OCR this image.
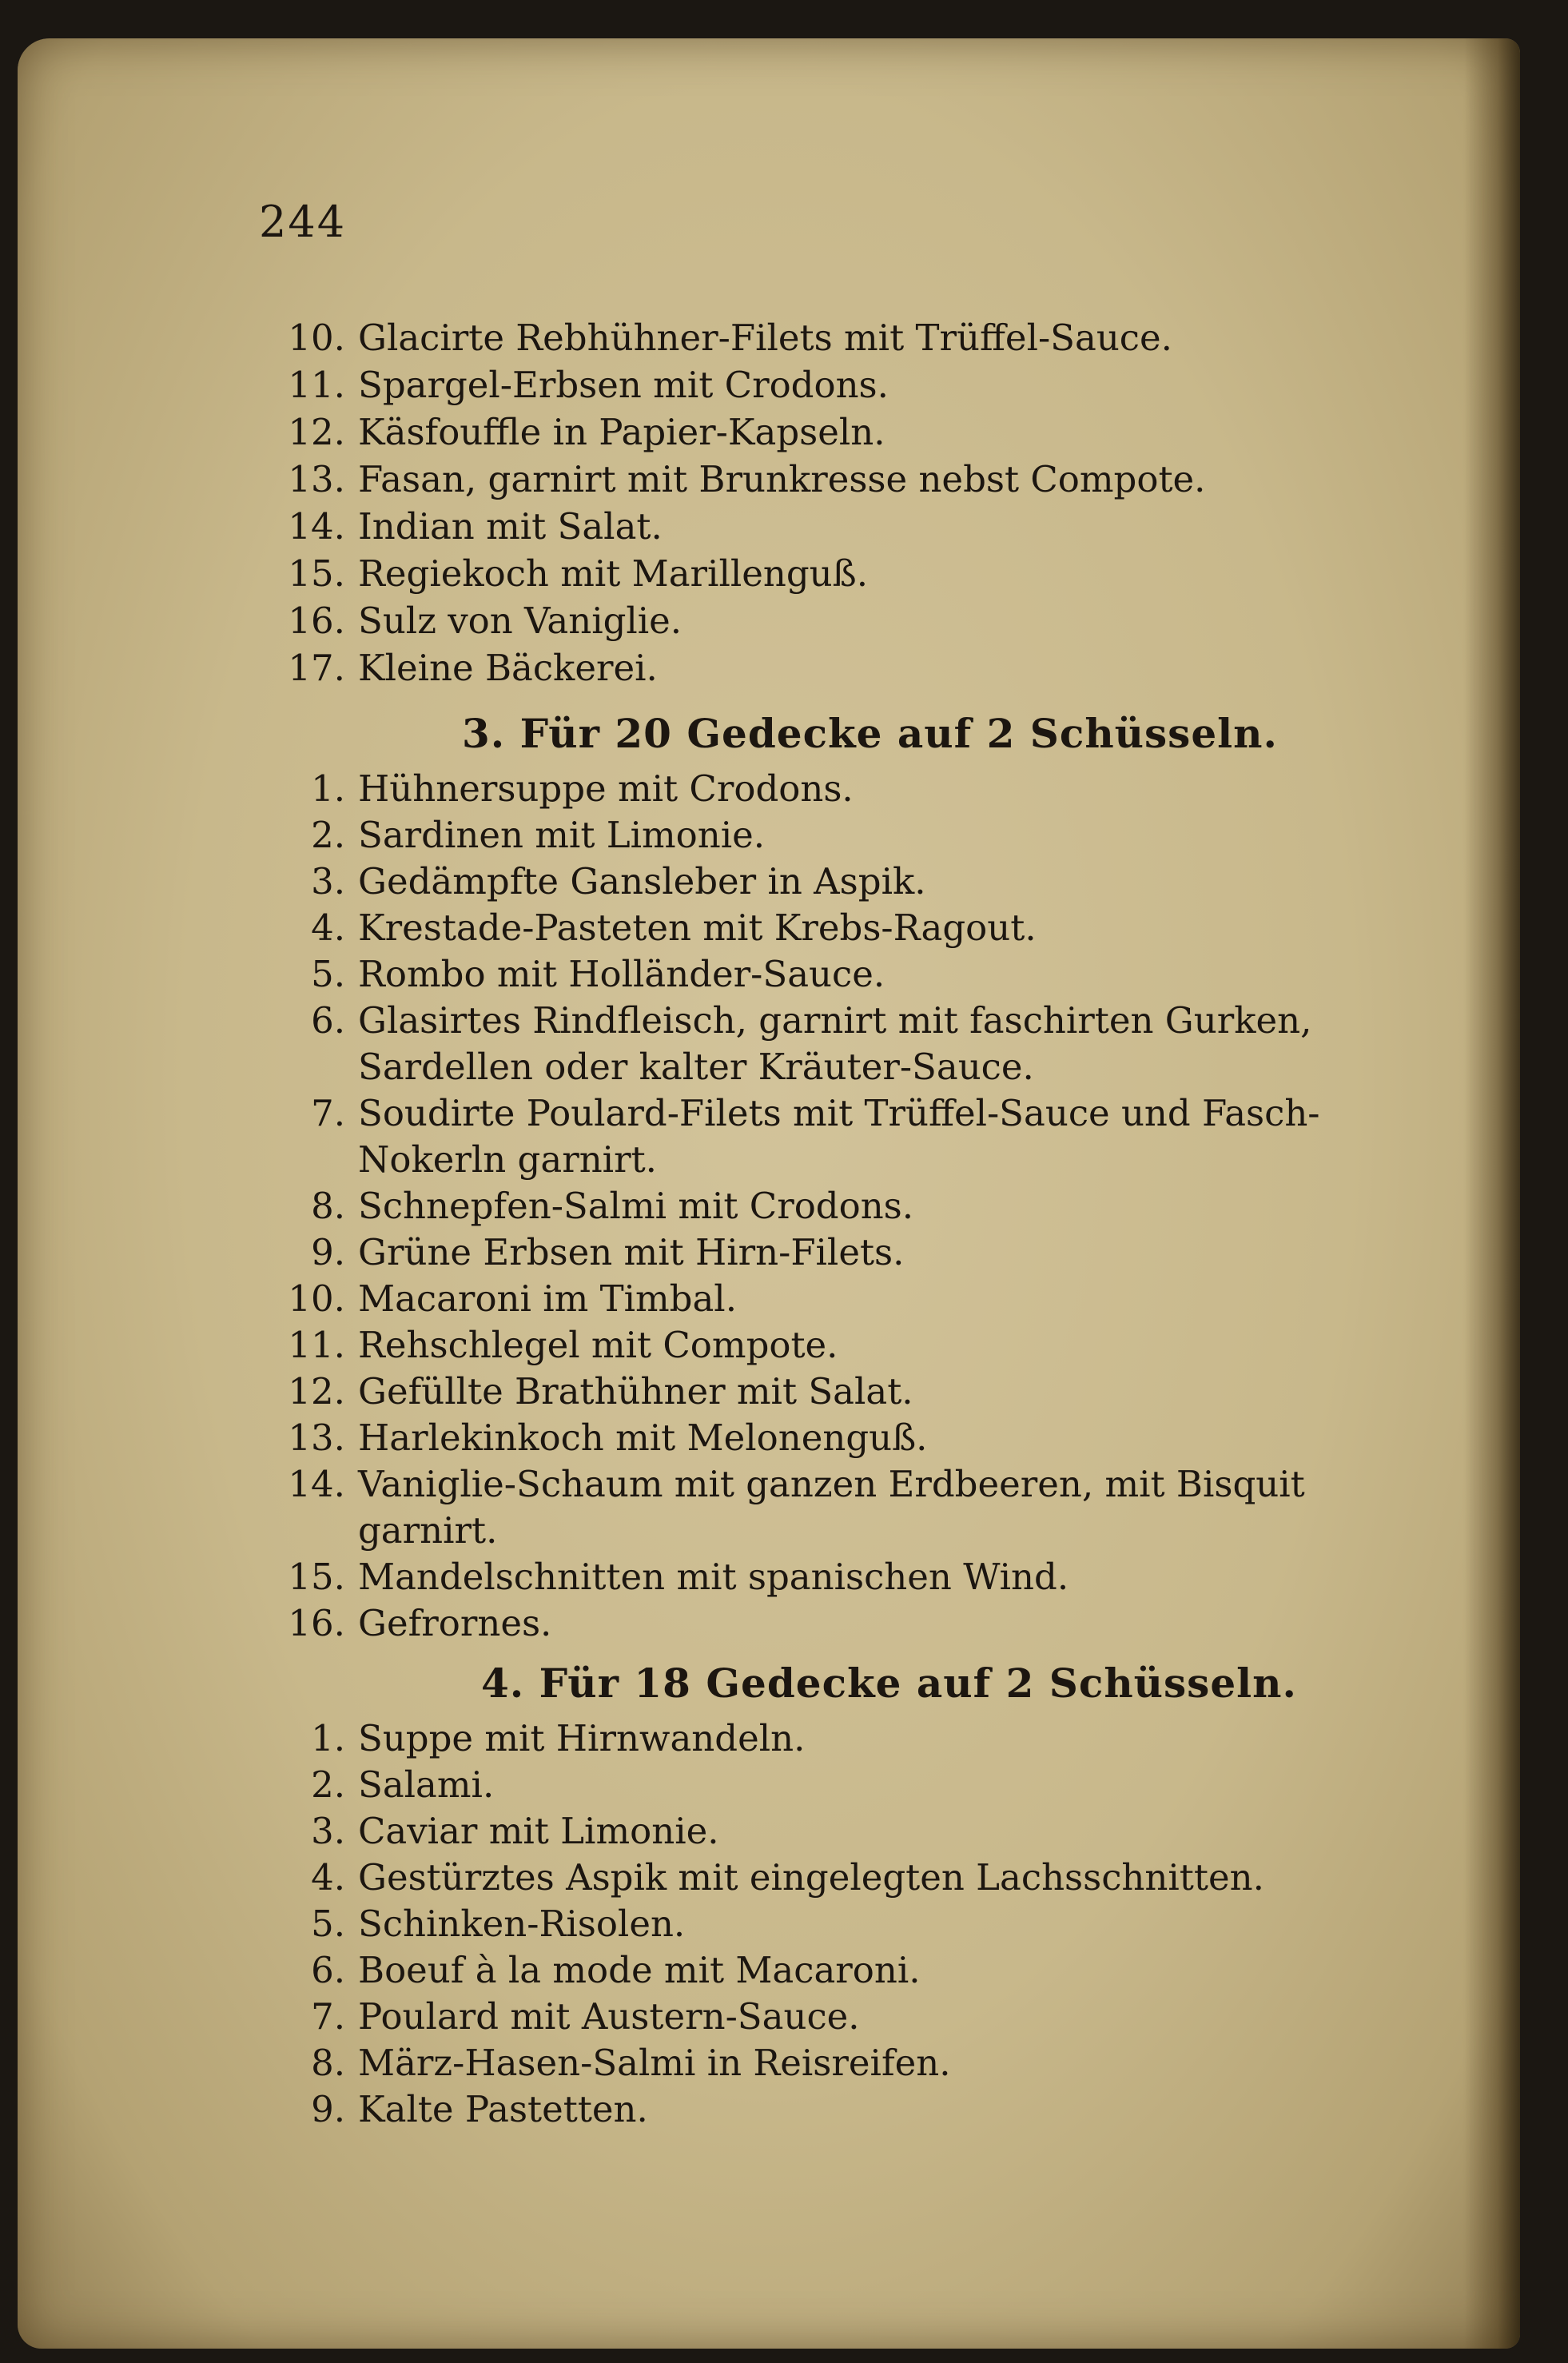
244
10. Glacirte Rebhühner-Filets mit Trüffel-Sauce.
11. Spargel-Erbsen mit Crodons.
12. Käsfouffle in Papier-Kapseln.
13. Fasan, garnirt mit Brunkresse nebst Compote.
14. Indian mit Salat.
15. Regiekoch mit Marillenguß.
16. Sulz von Vaniglie.
17. Kleine Bäckerei.
3. Für 20 Gedecke auf 2 Schüsseln.
1. Hühnersuppe mit Crodons.
2. Sardinen mit Limonie.
3. Gedämpfte Gansleber in Aspik.
4. Krestade-Pasteten mit Krebs-Ragout.
5. Rombo mit Holländer-Sauce.
6. Glasirtes Rindfleisch, garnirt mit faschirten Gurken,
Sardellen oder kalter Kräuter-Sauce.
7. Soudirte Poulard-Filets mit Trüffel-Sauce und Fasch-
Nokerln garnirt.
8. Schnepfen-Salmi mit Crodons.
9. Grüne Erbsen mit Hirn-Filets.
10. Macaroni im Timbal.
11. Rehschlegel mit Compote.
12. Gefüllte Brathühner mit Salat.
13. Harlekinkoch mit Melonenguß.
14. Vaniglie-Schaum mit ganzen Erdbeeren, mit Bisquit
garnirt.
15. Mandelschnitten mit spanischen Wind.
16. Gefrornes.
4. Für 18 Gedecke auf 2 Schüsseln.
1. Suppe mit Hirnwandeln.
2. Salami.
3. Caviar mit Limonie.
4. Gestürztes Aspik mit eingelegten Lachsschnitten.
5. Schinken-Risolen.
6. Boeuf à la mode mit Macaroni.
7. Poulard mit Austern-Sauce.
8. März-Hasen-Salmi in Reisreifen.
9. Kalte Pastetten.
